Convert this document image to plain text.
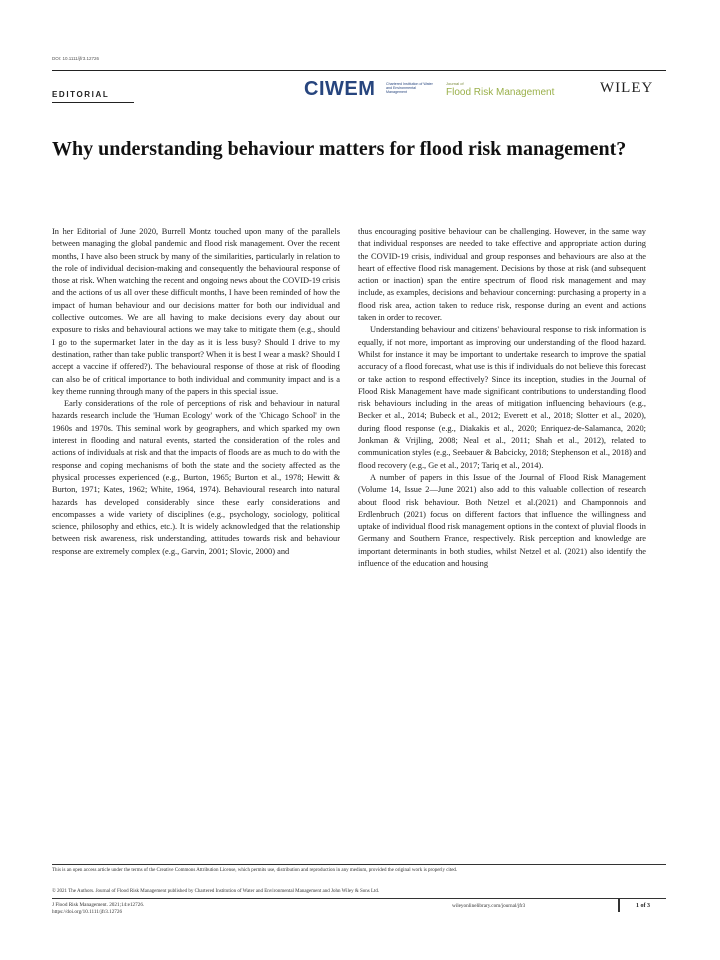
DOI: 10.1111/jfr3.12726
EDITORIAL	CIWEM	Chartered Institution of Water and Environmental Management
Journal of
Flood Risk Management	WILEY
Why understanding behaviour matters for flood risk management?

In her Editorial of June 2020, Burrell Montz touched upon many of the parallels between managing the global pandemic and flood risk management. Over the recent months, I have also been struck by many of the similarities, particularly in relation to the role of individual decision-making and consequently the behavioural response of those at risk. When watching the recent and ongoing news about the COVID-19 crisis and the actions of us all over these difficult months, I have been reminded of how the impact of human behaviour and our decisions matter for both our individual and collective outcomes. We are all having to make decisions every day about our exposure to risks and behavioural actions we may take to mitigate them (e.g., should I go to the supermarket later in the day as it is less busy? Should I drive to my destination, rather than take public transport? When it is best I wear a mask? Should I accept a vaccine if offered?). The behavioural response of those at risk of flooding can also be of critical importance to both individual and community impact and is a key theme running through many of the papers in this special issue.

Early considerations of the role of perceptions of risk and behaviour in natural hazards research include the 'Human Ecology' work of the 'Chicago School' in the 1960s and 1970s. This seminal work by geographers, and which sparked my own interest in flooding and natural events, started the consideration of the roles and actions of individuals at risk and that the impacts of floods are as much to do with the response and coping mechanisms of both the state and the society affected as the physical processes experienced (e.g., Burton, 1965; Burton et al., 1978; Hewitt & Burton, 1971; Kates, 1962; White, 1964, 1974). Behavioural research into natural hazards has developed considerably since these early considerations and encompasses a wide variety of disciplines (e.g., psychology, sociology, political science, philosophy and ethics, etc.). It is widely acknowledged that the relationship between risk awareness, risk understanding, attitudes towards risk and behaviour response are extremely complex (e.g., Garvin, 2001; Slovic, 2000) and

thus encouraging positive behaviour can be challenging. However, in the same way that individual responses are needed to take effective and appropriate action during the COVID-19 crisis, individual and group responses and behaviours are also at the heart of effective flood risk management. Decisions by those at risk (and subsequent action or inaction) span the entire spectrum of flood risk management and may include, as examples, decisions and behaviour concerning: purchasing a property in a flood risk area, action taken to reduce risk, response during an event and actions taken in order to recover.

Understanding behaviour and citizens' behavioural response to risk information is equally, if not more, important as improving our understanding of the flood hazard. Whilst for instance it may be important to undertake research to improve the spatial accuracy of a flood forecast, what use is this if individuals do not believe this forecast or take action to respond effectively? Since its inception, studies in the Journal of Flood Risk Management have made significant contributions to understanding flood risk behaviours including in the areas of mitigation influencing behaviours (e.g., Becker et al., 2014; Bubeck et al., 2012; Everett et al., 2018; Slotter et al., 2020), during flood response (e.g., Diakakis et al., 2020; Enriquez-de-Salamanca, 2020; Jonkman & Vrijling, 2008; Neal et al., 2011; Shah et al., 2012), related to communication styles (e.g., Seebauer & Babcicky, 2018; Stephenson et al., 2018) and flood recovery (e.g., Ge et al., 2017; Tariq et al., 2014).

A number of papers in this Issue of the Journal of Flood Risk Management (Volume 14, Issue 2—June 2021) also add to this valuable collection of research about flood risk behaviour. Both Netzel et al.(2021) and Champonnois and Erdlenbruch (2021) focus on different factors that influence the willingness and uptake of individual flood risk management options in the context of pluvial floods in Germany and Southern France, respectively. Risk perception and knowledge are important determinants in both studies, whilst Netzel et al. (2021) also identify the influence of the education and housing

This is an open access article under the terms of the Creative Commons Attribution License, which permits use, distribution and reproduction in any medium, provided the original work is properly cited.
© 2021 The Authors. Journal of Flood Risk Management published by Chartered Institution of Water and Environmental Management and John Wiley & Sons Ltd.
J Flood Risk Management. 2021;14:e12726.
https://doi.org/10.1111/jfr3.12726
wileyonlinelibrary.com/journal/jfr3	1 of 3
